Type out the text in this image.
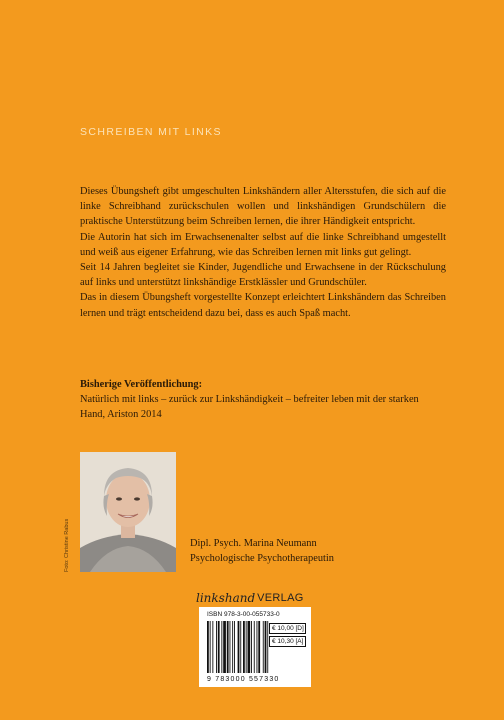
SCHREIBEN MIT LINKS

Dieses Übungsheft gibt umgeschulten Linkshändern aller Altersstufen, die sich auf die linke Schreibhand zurückschulen wollen und linkshändigen Grundschülern die praktische Unterstützung beim Schreiben lernen, die ihrer Händigkeit entspricht.

Die Autorin hat sich im Erwachsenenalter selbst auf die linke Schreibhand umgestellt und weiß aus eigener Erfahrung, wie das Schreiben lernen mit links gut gelingt.

Seit 14 Jahren begleitet sie Kinder, Jugendliche und Erwachsene in der Rückschulung auf links und unterstützt linkshändige Erstklässler und Grundschüler.

Das in diesem Übungsheft vorgestellte Konzept erleichtert Linkshändern das Schreiben lernen und trägt entscheidend dazu bei, dass es auch Spaß macht.

Bisherige Veröffentlichung:
Natürlich mit links – zurück zur Linkshändigkeit – befreiter leben mit der starken Hand, Ariston 2014
Foto: Christine Rabus	Dipl. Psych. Marina Neumann
Psychologische Psychotherapeutin
linkshand VERLAG
ISBN 978-3-00-055733-0
€ 10,00 [D]
€ 10,30 [A]
9 783000 557330
